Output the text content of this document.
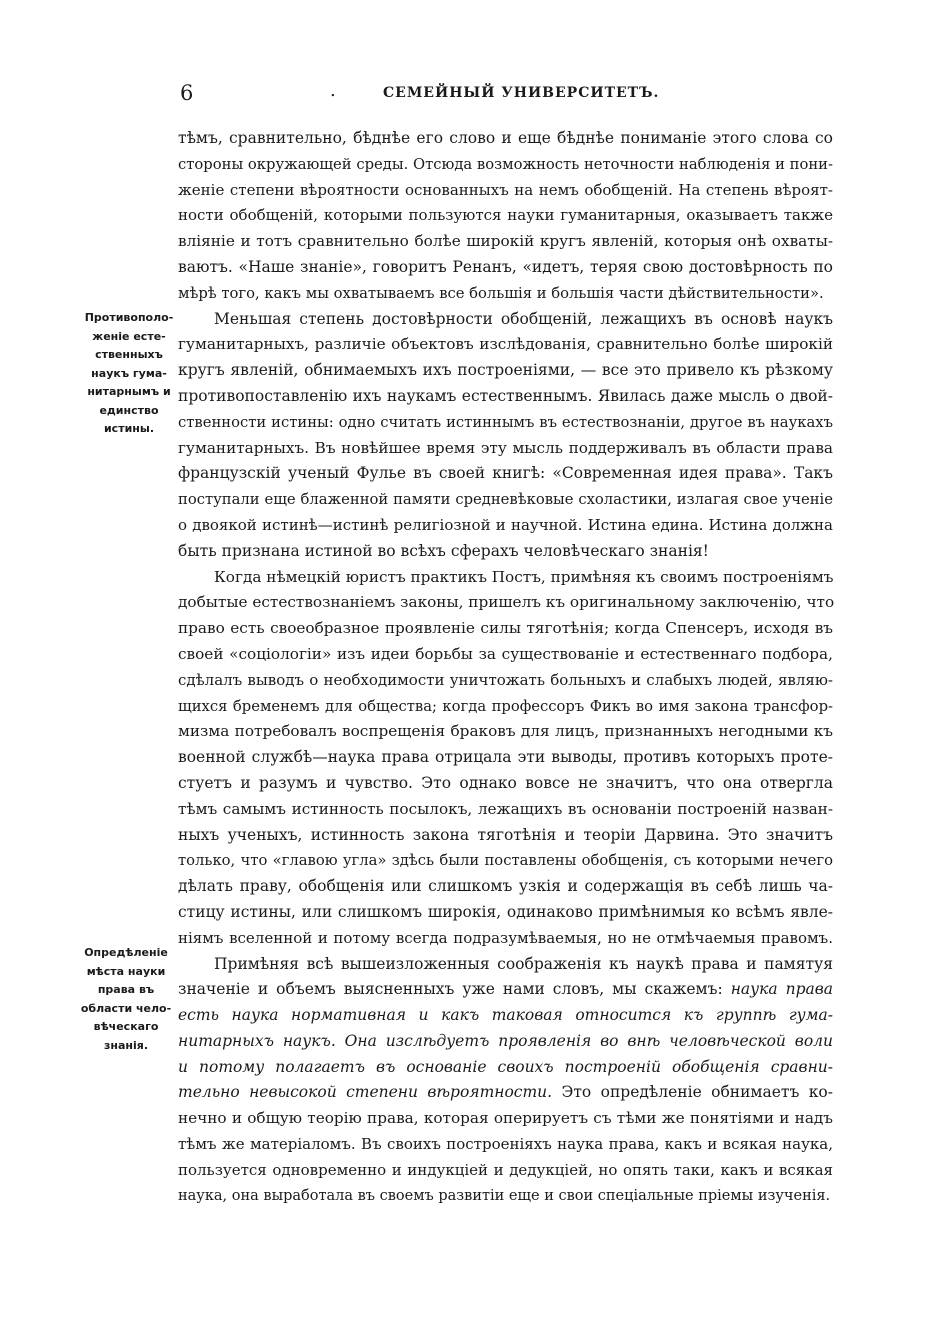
6	.	СЕМЕЙНЫЙ УНИВЕРСИТЕТЪ.
Противополо-
женіе есте-
ственныхъ
наукъ гума-
нитарнымъ и
единство
истины.
Опредѣленіе
мѣста науки
права въ
области чело-
вѣческаго
знанія.
тѣмъ, сравнительно, бѣднѣе его слово и еще бѣднѣе пониманіе этого слова со
стороны окружающей среды. Отсюда возможность неточности наблюденія и пони-
женіе степени вѣроятности основанныхъ на немъ обобщеній. На степень вѣроят-
ности обобщеній, которыми пользуются науки гуманитарныя, оказываетъ также
вліяніе и тотъ сравнительно болѣе широкій кругъ явленій, которыя онѣ охваты-
ваютъ. «Наше знаніе», говоритъ Ренанъ, «идетъ, теряя свою достовѣрность по
мѣрѣ того, какъ мы охватываемъ все большія и большія части дѣйствительности».
Меньшая степень достовѣрности обобщеній, лежащихъ въ основѣ наукъ
гуманитарныхъ, различіе объектовъ изслѣдованія, сравнительно болѣе широкій
кругъ явленій, обнимаемыхъ ихъ построеніями, — все это привело къ рѣзкому
противопоставленію ихъ наукамъ естественнымъ. Явилась даже мысль о двой-
ственности истины: одно считать истиннымъ въ естествознаніи, другое въ наукахъ
гуманитарныхъ. Въ новѣйшее время эту мысль поддерживалъ въ области права
французскій ученый Фулье въ своей книгѣ: «Современная идея права». Такъ
поступали еще блаженной памяти средневѣковые схоластики, излагая свое ученіе
о двоякой истинѣ—истинѣ религіозной и научной. Истина едина. Истина должна
быть признана истиной во всѣхъ сферахъ человѣческаго знанія!
Когда нѣмецкій юристъ практикъ Постъ, примѣняя къ своимъ построеніямъ
добытые естествознаніемъ законы, пришелъ къ оригинальному заключенію, что
право есть своеобразное проявленіе силы тяготѣнія; когда Спенсеръ, исходя въ
своей «соціологіи» изъ идеи борьбы за существованіе и естественнаго подбора,
сдѣлалъ выводъ о необходимости уничтожать больныхъ и слабыхъ людей, являю-
щихся бременемъ для общества; когда профессоръ Фикъ во имя закона трансфор-
мизма потребовалъ воспрещенія браковъ для лицъ, признанныхъ негодными къ
военной службѣ—наука права отрицала эти выводы, противъ которыхъ проте-
стуетъ и разумъ и чувство. Это однако вовсе не значитъ, что она отвергла
тѣмъ самымъ истинность посылокъ, лежащихъ въ основаніи построеній назван-
ныхъ ученыхъ, истинность закона тяготѣнія и теоріи Дарвина. Это значитъ
только, что «главою угла» здѣсь были поставлены обобщенія, съ которыми нечего
дѣлать праву, обобщенія или слишкомъ узкія и содержащія въ себѣ лишь ча-
стицу истины, или слишкомъ широкія, одинаково примѣнимыя ко всѣмъ явле-
ніямъ вселенной и потому всегда подразумѣваемыя, но не отмѣчаемыя правомъ.
Примѣняя всѣ вышеизложенныя соображенія къ наукѣ права и памятуя
значеніе и объемъ выясненныхъ уже нами словъ, мы скажемъ: наука права
есть наука нормативная и какъ таковая относится къ группѣ гума-
нитарныхъ наукъ. Она изслѣдуетъ проявленія во внѣ человѣческой воли
и потому полагаетъ въ основаніе своихъ построеній обобщенія сравни-
тельно невысокой степени вѣроятности. Это опредѣленіе обнимаетъ ко-
нечно и общую теорію права, которая оперируетъ съ тѣми же понятіями и надъ
тѣмъ же матеріаломъ. Въ своихъ построеніяхъ наука права, какъ и всякая наука,
пользуется одновременно и индукціей и дедукціей, но опять таки, какъ и всякая
наука, она выработала въ своемъ развитіи еще и свои спеціальные пріемы изученія.
